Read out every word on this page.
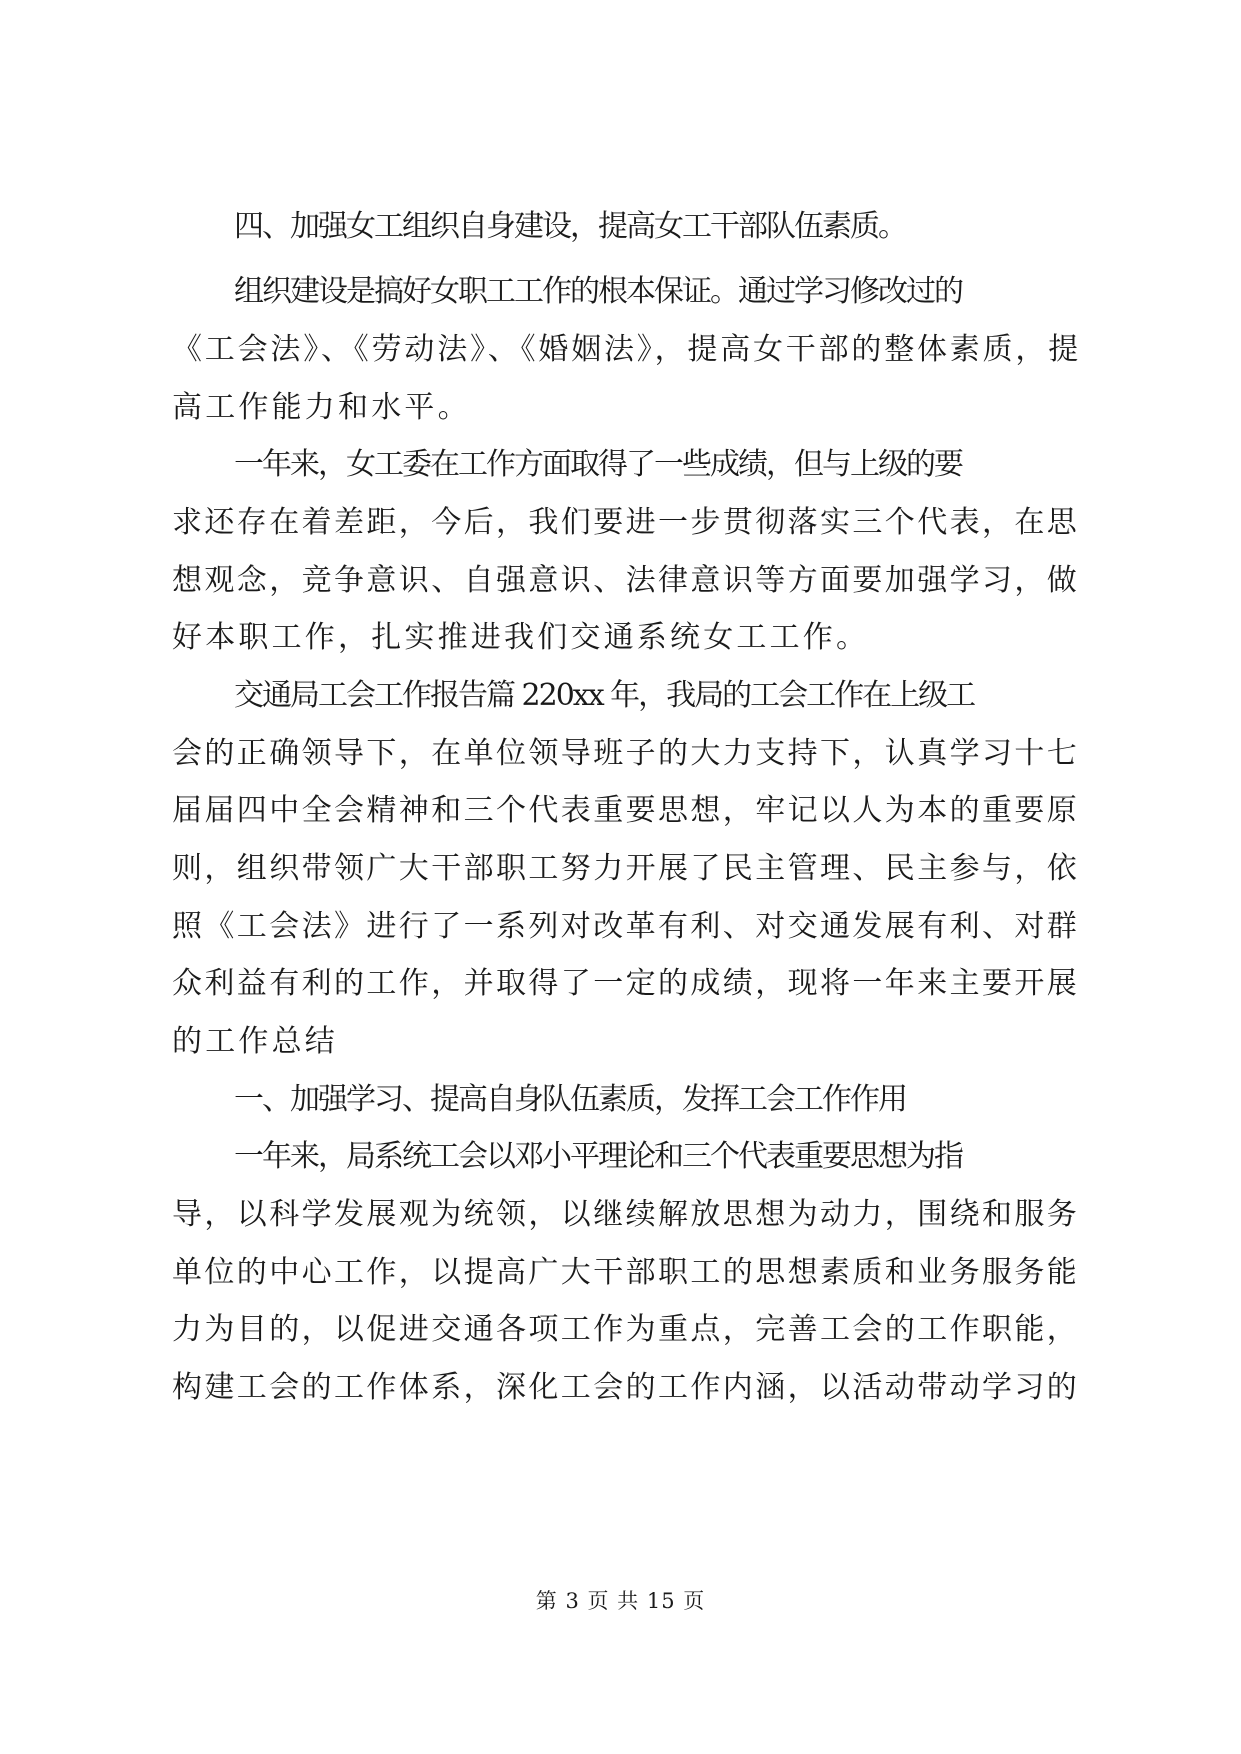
四、加强女工组织自身建设，提高女工干部队伍素质。
组织建设是搞好女职工工作的根本保证。通过学习修改过的
《工会法》、《劳动法》、《婚姻法》，提高女干部的整体素质，提
高工作能力和水平。
一年来，女工委在工作方面取得了一些成绩，但与上级的要
求还存在着差距，今后，我们要进一步贯彻落实三个代表，在思
想观念，竞争意识、自强意识、法律意识等方面要加强学习，做
好本职工作，扎实推进我们交通系统女工工作。
交通局工会工作报告篇 220xx 年，我局的工会工作在上级工
会的正确领导下，在单位领导班子的大力支持下，认真学习十七
届届四中全会精神和三个代表重要思想，牢记以人为本的重要原
则，组织带领广大干部职工努力开展了民主管理、民主参与，依
照《工会法》进行了一系列对改革有利、对交通发展有利、对群
众利益有利的工作，并取得了一定的成绩，现将一年来主要开展
的工作总结
一、加强学习、提高自身队伍素质，发挥工会工作作用
一年来，局系统工会以邓小平理论和三个代表重要思想为指
导，以科学发展观为统领，以继续解放思想为动力，围绕和服务
单位的中心工作，以提高广大干部职工的思想素质和业务服务能
力为目的，以促进交通各项工作为重点，完善工会的工作职能，
构建工会的工作体系，深化工会的工作内涵，以活动带动学习的
第 3 页 共 15 页
